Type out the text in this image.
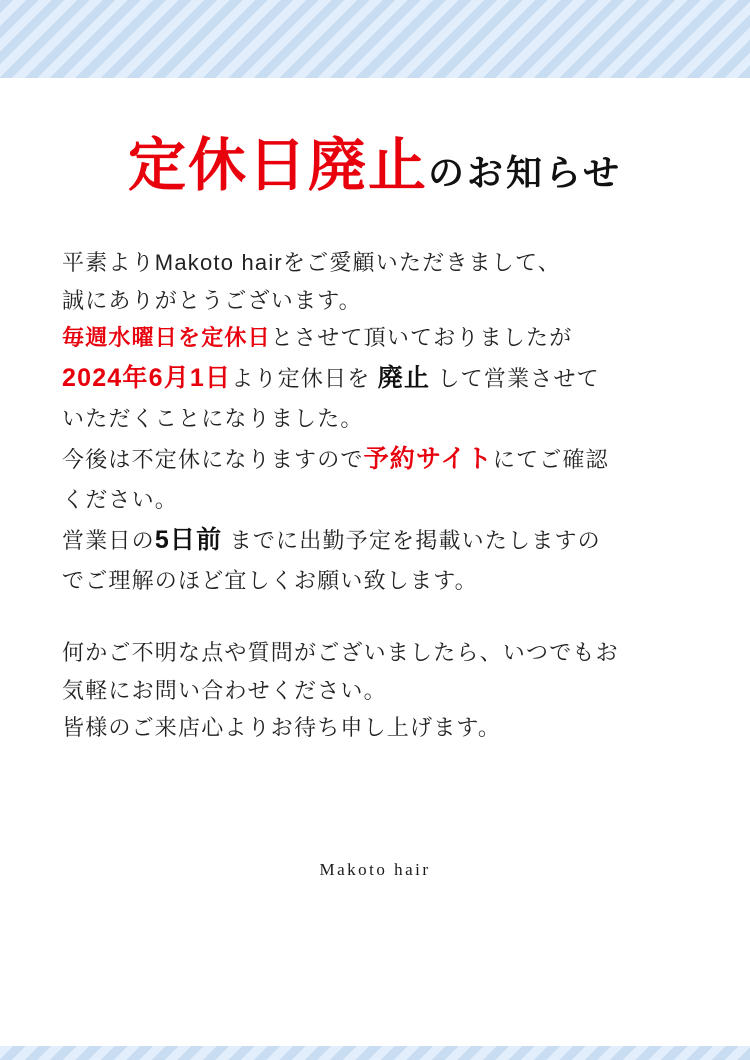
定休日廃止のお知らせ

平素よりMakoto hairをご愛顧いただきまして、

誠にありがとうございます。

毎週水曜日を定休日とさせて頂いておりましたが

2024年6月1日より定休日を 廃止 して営業させて

いただくことになりました。

今後は不定休になりますので予約サイトにてご確認

ください。

営業日の5日前 までに出勤予定を掲載いたしますの

でご理解のほど宜しくお願い致します。

何かご不明な点や質問がございましたら、いつでもお

気軽にお問い合わせください。

皆様のご来店心よりお待ち申し上げます。

Makoto hair
